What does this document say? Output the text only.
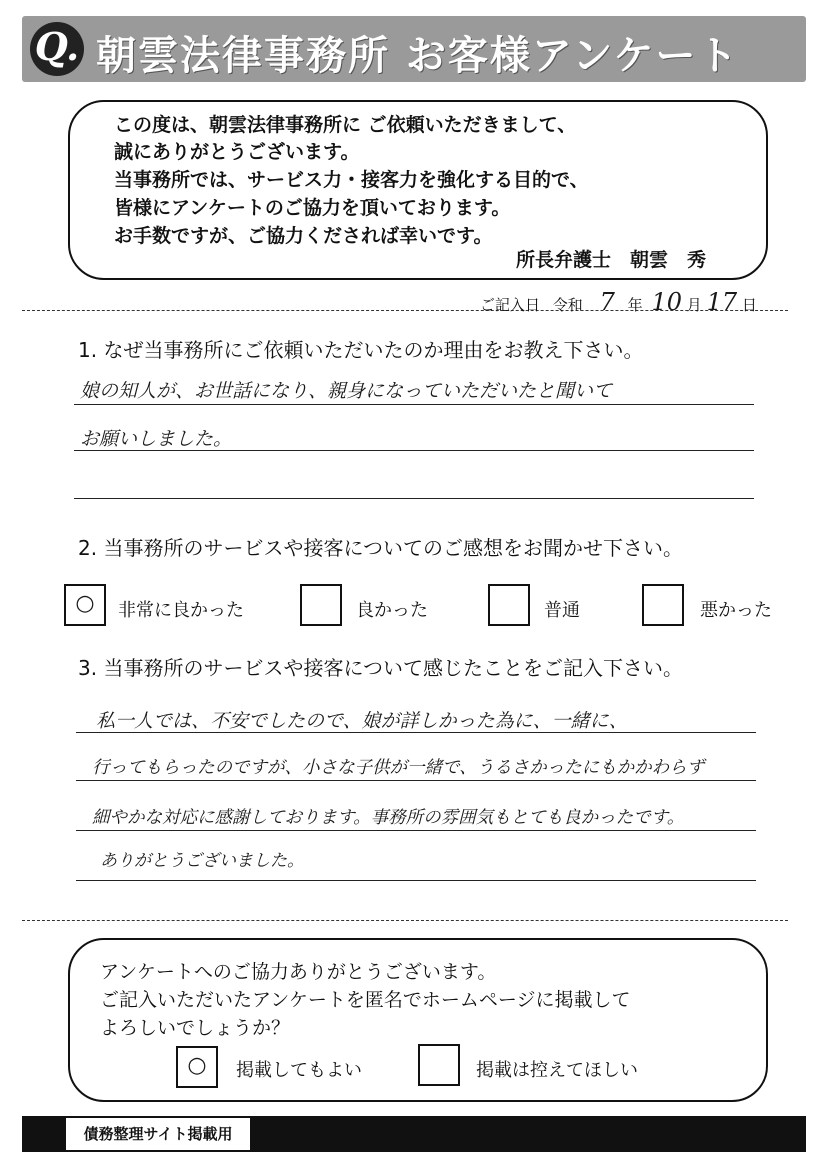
Q. 朝雲法律事務所 お客様アンケート
この度は、朝雲法律事務所に ご依頼いただきまして、
誠にありがとうございます。
当事務所では、サービス力・接客力を強化する目的で、
皆様にアンケートのご協力を頂いております。
お手数ですが、ご協力くだされば幸いです。
所長弁護士　朝雲　秀
ご記入日 令和 7 年 10 月 17 日
1. なぜ当事務所にご依頼いただいたのか理由をお教え下さい。
娘の知人が、お世話になり、親身になっていただいたと聞いて
お願いしました。
2. 当事務所のサービスや接客についてのご感想をお聞かせ下さい。
○	非常に良かった	良かった	普通	悪かった
3. 当事務所のサービスや接客について感じたことをご記入下さい。
私一人では、不安でしたので、娘が詳しかった為に、一緒に、
行ってもらったのですが、小さな子供が一緒で、うるさかったにもかかわらず
細やかな対応に感謝しております。事務所の雰囲気もとても良かったです。
ありがとうございました。
アンケートへのご協力ありがとうございます。
ご記入いただいたアンケートを匿名でホームページに掲載して
よろしいでしょうか？
○	掲載してもよい	掲載は控えてほしい
債務整理サイト掲載用
